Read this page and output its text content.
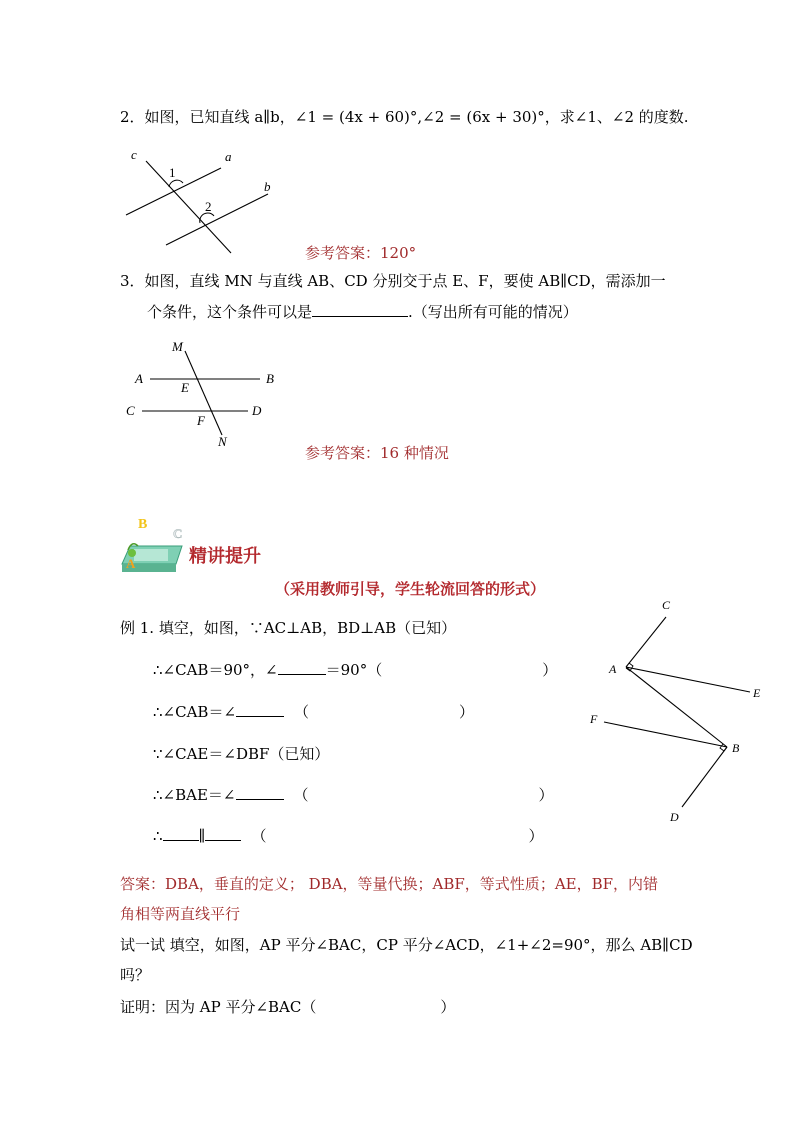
2．如图，已知直线 a∥b，∠1 = (4x + 60)°,∠2 = (6x + 30)°，求∠1、∠2 的度数.
c	a
b
1
2
参考答案：120°
3．如图，直线 MN 与直线 AB、CD 分别交于点 E、F，要使 AB∥CD，需添加一
个条件，这个条件可以是	.（写出所有可能的情况）
M
N
A	B
C	D
E
F
参考答案：16 种情况
A
B
C
精讲提升
（采用教师引导，学生轮流回答的形式）
例 1. 填空，如图，∵AC⊥AB，BD⊥AB（已知）
∴∠CAB＝90°，∠	＝90°（	）
∴∠CAB＝∠	（	）
∵∠CAE＝∠DBF（已知）
∴∠BAE＝∠	（	）
∴ ∥	（	）
C
A
E
F
B
D
答案：DBA，垂直的定义； DBA，等量代换；ABF，等式性质；AE，BF，内错
角相等两直线平行
试一试 填空，如图，AP 平分∠BAC，CP 平分∠ACD，∠1+∠2=90°，那么 AB∥CD
吗？
证明：因为 AP 平分∠BAC（	）
